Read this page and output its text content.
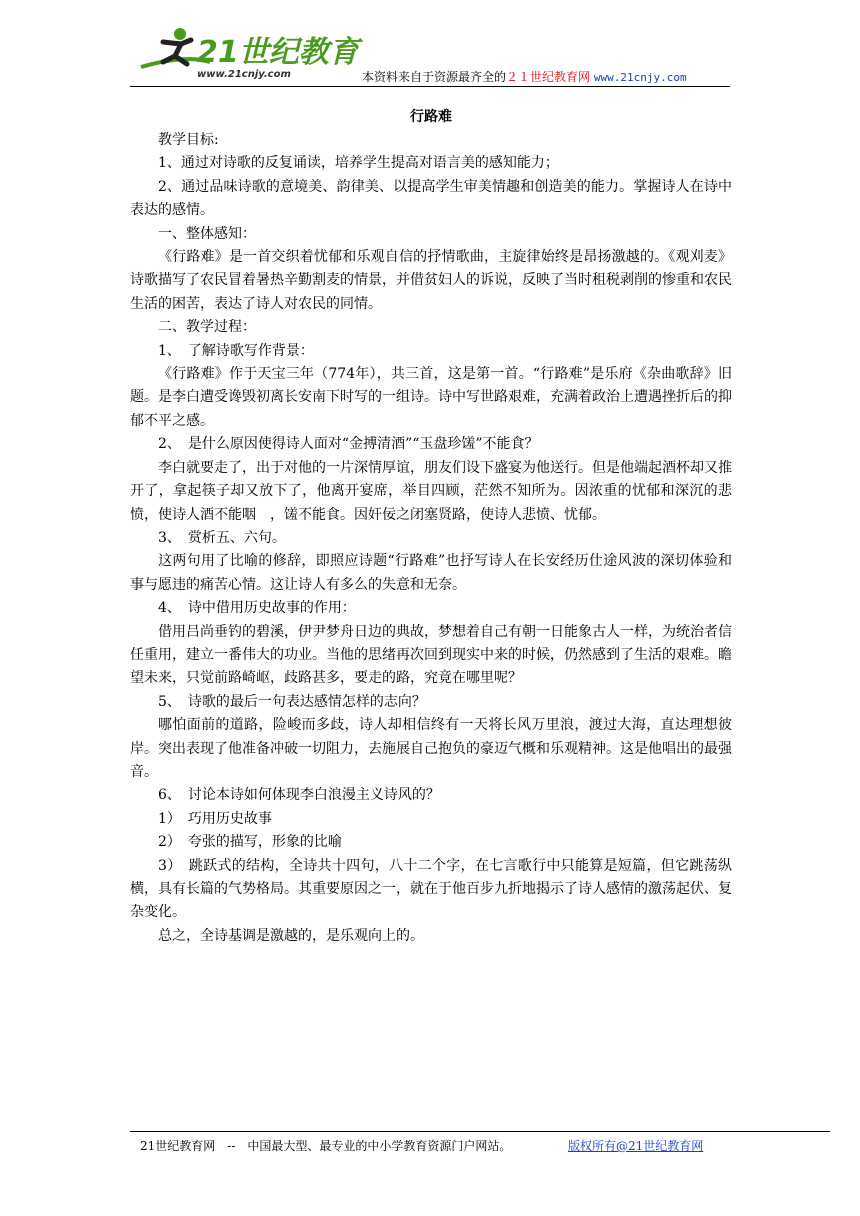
21世纪教育
www.21cnjy.com	本资料来自于资源最齐全的２１世纪教育网 www.21cnjy.com
行路难

教学目标:

1、通过对诗歌的反复诵读，培养学生提高对语言美的感知能力；

2、通过品味诗歌的意境美、韵律美、以提高学生审美情趣和创造美的能力。掌握诗人在诗中表达的感情。

一、整体感知：

《行路难》是一首交织着忧郁和乐观自信的抒情歌曲，主旋律始终是昂扬激越的。《观刈麦》诗歌描写了农民冒着暑热辛勤割麦的情景，并借贫妇人的诉说，反映了当时租税剥削的惨重和农民生活的困苦，表达了诗人对农民的同情。

二、教学过程：

1、　了解诗歌写作背景：

《行路难》作于天宝三年（774年），共三首，这是第一首。“行路难”是乐府《杂曲歌辞》旧题。是李白遭受谗毁初离长安南下时写的一组诗。诗中写世路艰难，充满着政治上遭遇挫折后的抑郁不平之感。

2、　是什么原因使得诗人面对“金搏清酒”“玉盘珍馐”不能食？

李白就要走了，出于对他的一片深情厚谊，朋友们设下盛宴为他送行。但是他端起酒杯却又推开了，拿起筷子却又放下了，他离开宴席，举目四顾，茫然不知所为。因浓重的忧郁和深沉的悲愤，使诗人酒不能咽　，馐不能食。因奸佞之闭塞贤路，使诗人悲愤、忧郁。

3、　赏析五、六句。

这两句用了比喻的修辞，即照应诗题“行路难”也抒写诗人在长安经历仕途风波的深切体验和事与愿违的痛苦心情。这让诗人有多么的失意和无奈。

4、　诗中借用历史故事的作用：

借用吕尚垂钓的碧溪，伊尹梦舟日边的典故，梦想着自己有朝一日能象古人一样，为统治者信任重用，建立一番伟大的功业。当他的思绪再次回到现实中来的时候，仍然感到了生活的艰难。瞻望未来，只觉前路崎岖，歧路甚多，要走的路，究竟在哪里呢？

5、　诗歌的最后一句表达感情怎样的志向？

哪怕面前的道路，险峻而多歧，诗人却相信终有一天将长风万里浪，渡过大海，直达理想彼岸。突出表现了他准备冲破一切阻力，去施展自己抱负的豪迈气概和乐观精神。这是他唱出的最强音。

6、　讨论本诗如何体现李白浪漫主义诗风的？

1）　巧用历史故事

2）　夸张的描写，形象的比喻

3）　跳跃式的结构，全诗共十四句，八十二个字，在七言歌行中只能算是短篇，但它跳荡纵横，具有长篇的气势格局。其重要原因之一，就在于他百步九折地揭示了诗人感情的激荡起伏、复杂变化。

总之，全诗基调是激越的，是乐观向上的。

21世纪教育网　--　中国最大型、最专业的中小学教育资源门户网站。	版权所有@21世纪教育网
